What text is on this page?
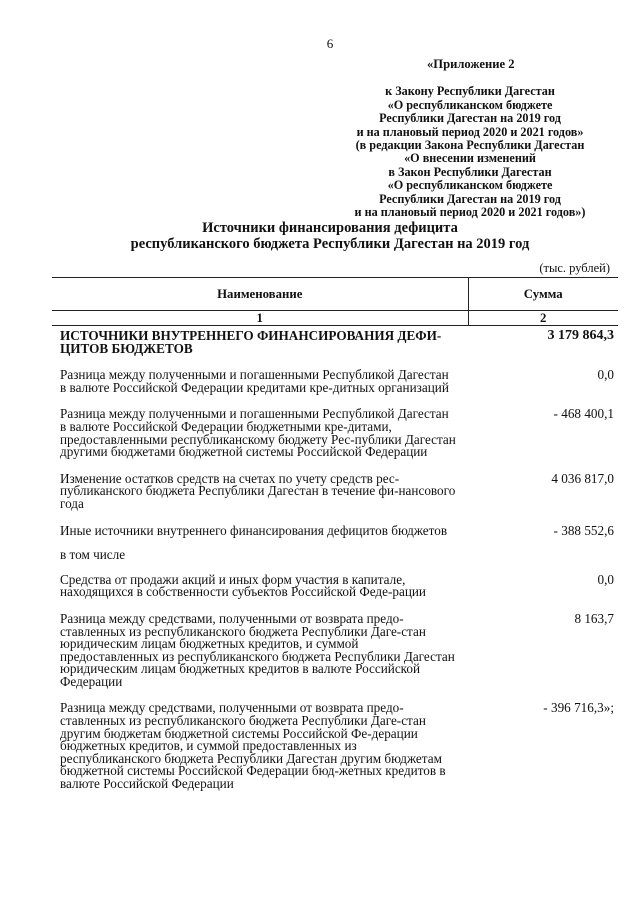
6
«Приложение 2
к Закону Республики Дагестан
«О республиканском бюджете
Республики Дагестан на 2019 год
и на плановый период 2020 и 2021 годов»
(в редакции Закона Республики Дагестан
«О внесении изменений
в Закон Республики Дагестан
«О республиканском бюджете
Республики Дагестан на 2019 год
и на плановый период 2020 и 2021 годов»)
Источники финансирования дефицита
республиканского бюджета Республики Дагестан на 2019 год
(тыс. рублей)
Наименование	Сумма
1	2
ИСТОЧНИКИ ВНУТРЕННЕГО ФИНАНСИРОВАНИЯ ДЕФИ-ЦИТОВ БЮДЖЕТОВ	3 179 864,3
Разница между полученными и погашенными Республикой Дагестан в валюте Российской Федерации кредитами кре-дитных организаций	0,0
Разница между полученными и погашенными Республикой Дагестан в валюте Российской Федерации бюджетными кре-дитами, предоставленными республиканскому бюджету Рес-публики Дагестан другими бюджетами бюджетной системы Российской Федерации	- 468 400,1
Изменение остатков средств на счетах по учету средств рес-публиканского бюджета Республики Дагестан в течение фи-нансового года	4 036 817,0
Иные источники внутреннего финансирования дефицитов бюджетов	- 388 552,6
в том числе	
Средства от продажи акций и иных форм участия в капитале, находящихся в собственности субъектов Российской Феде-рации	0,0
Разница между средствами, полученными от возврата предо-ставленных из республиканского бюджета Республики Даге-стан юридическим лицам бюджетных кредитов, и суммой предоставленных из республиканского бюджета Республики Дагестан юридическим лицам бюджетных кредитов в валюте Российской Федерации	8 163,7
Разница между средствами, полученными от возврата предо-ставленных из республиканского бюджета Республики Даге-стан другим бюджетам бюджетной системы Российской Фе-дерации бюджетных кредитов, и суммой предоставленных из республиканского бюджета Республики Дагестан другим бюджетам бюджетной системы Российской Федерации бюд-жетных кредитов в валюте Российской Федерации	- 396 716,3»;
